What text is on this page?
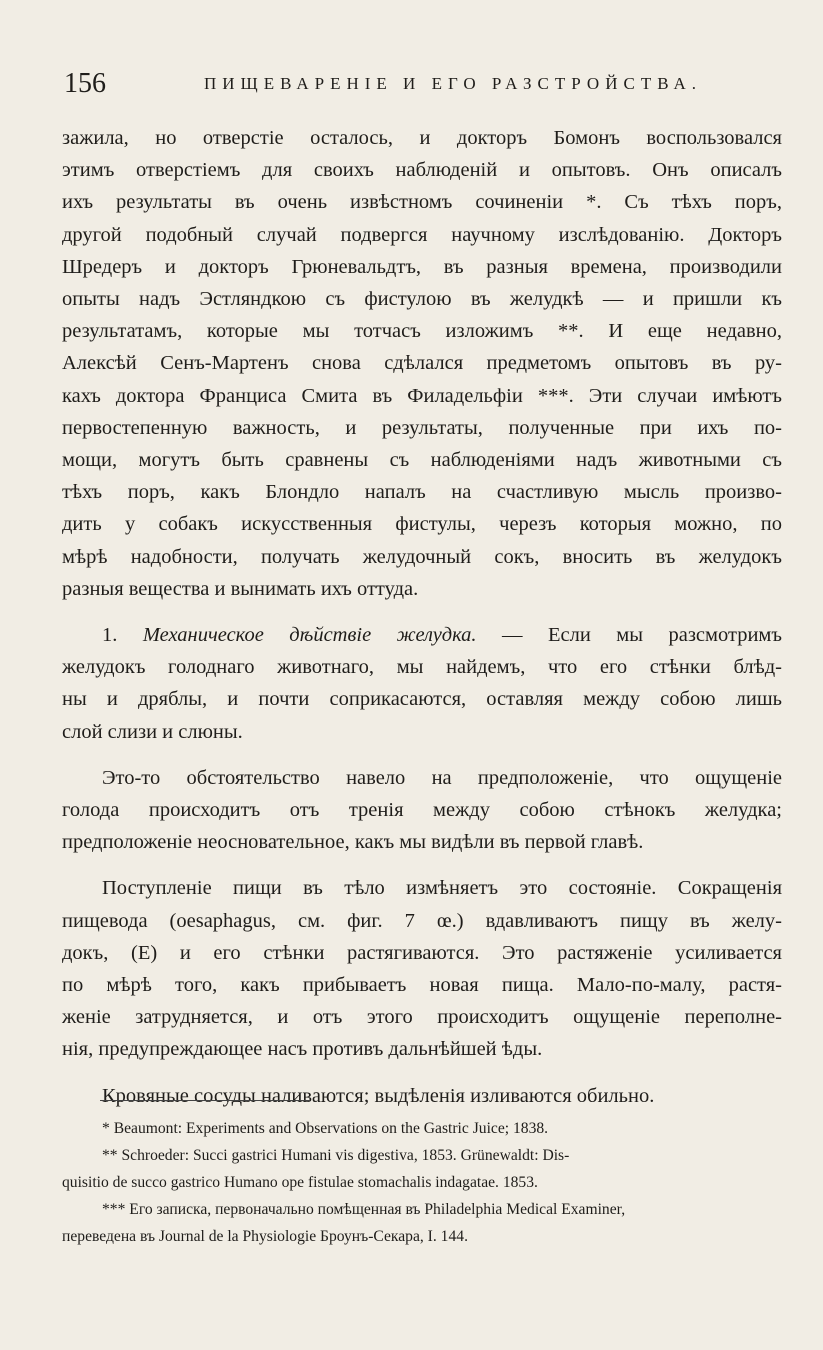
156	ПИЩЕВАРЕНІЕ И ЕГО РАЗСТРОЙСТВА.

зажила, но отверстіе осталось, и докторъ Бомонъ воспользовался
этимъ отверстіемъ для своихъ наблюденій и опытовъ. Онъ описалъ
ихъ результаты въ очень извѣстномъ сочиненіи *. Съ тѣхъ поръ,
другой подобный случай подвергся научному изслѣдованію. Докторъ
Шредеръ и докторъ Грюневальдтъ, въ разныя времена, производили
опыты надъ Эстляндкою съ фистулою въ желудкѣ — и пришли къ
результатамъ, которые мы тотчасъ изложимъ **. И еще недавно,
Алексѣй Сенъ-Мартенъ снова сдѣлался предметомъ опытовъ въ ру-
кахъ доктора Франциса Смита въ Филадельфіи ***. Эти случаи имѣютъ
первостепенную важность, и результаты, полученные при ихъ по-
мощи, могутъ быть сравнены съ наблюденіями надъ животными съ
тѣхъ поръ, какъ Блондло напалъ на счастливую мысль произво-
дить у собакъ искусственныя фистулы, черезъ которыя можно, по
мѣрѣ надобности, получать желудочный сокъ, вносить въ желудокъ
разныя вещества и вынимать ихъ оттуда.

1. Механическое дѣйствіе желудка. — Если мы разсмотримъ
желудокъ голоднаго животнаго, мы найдемъ, что его стѣнки блѣд-
ны и дряблы, и почти соприкасаются, оставляя между собою лишь
слой слизи и слюны.

Это-то обстоятельство навело на предположеніе, что ощущеніе
голода происходитъ отъ тренія между собою стѣнокъ желудка;
предположеніе неосновательное, какъ мы видѣли въ первой главѣ.

Поступленіе пищи въ тѣло измѣняетъ это состояніе. Сокращенія
пищевода (oesaphagus, см. фиг. 7 œ.) вдавливаютъ пищу въ желу-
докъ, (E) и его стѣнки растягиваются. Это растяженіе усиливается
по мѣрѣ того, какъ прибываетъ новая пища. Мало-по-малу, растя-
женіе затрудняется, и отъ этого происходитъ ощущеніе переполне-
нія, предупреждающее насъ противъ дальнѣйшей ѣды.

Кровяные сосуды наливаются; выдѣленія изливаются обильно.

* Beaumont: Experiments and Observations on the Gastric Juice; 1838.
** Schroeder: Succi gastrici Humani vis digestiva, 1853. Grünewaldt: Dis-
quisitio de succo gastrico Humano ope fistulae stomachalis indagatae. 1853.
*** Его записка, первоначально помѣщенная въ Philadelphia Medical Examiner,
переведена въ Journal de la Physiologie Броунъ-Секара, I. 144.
